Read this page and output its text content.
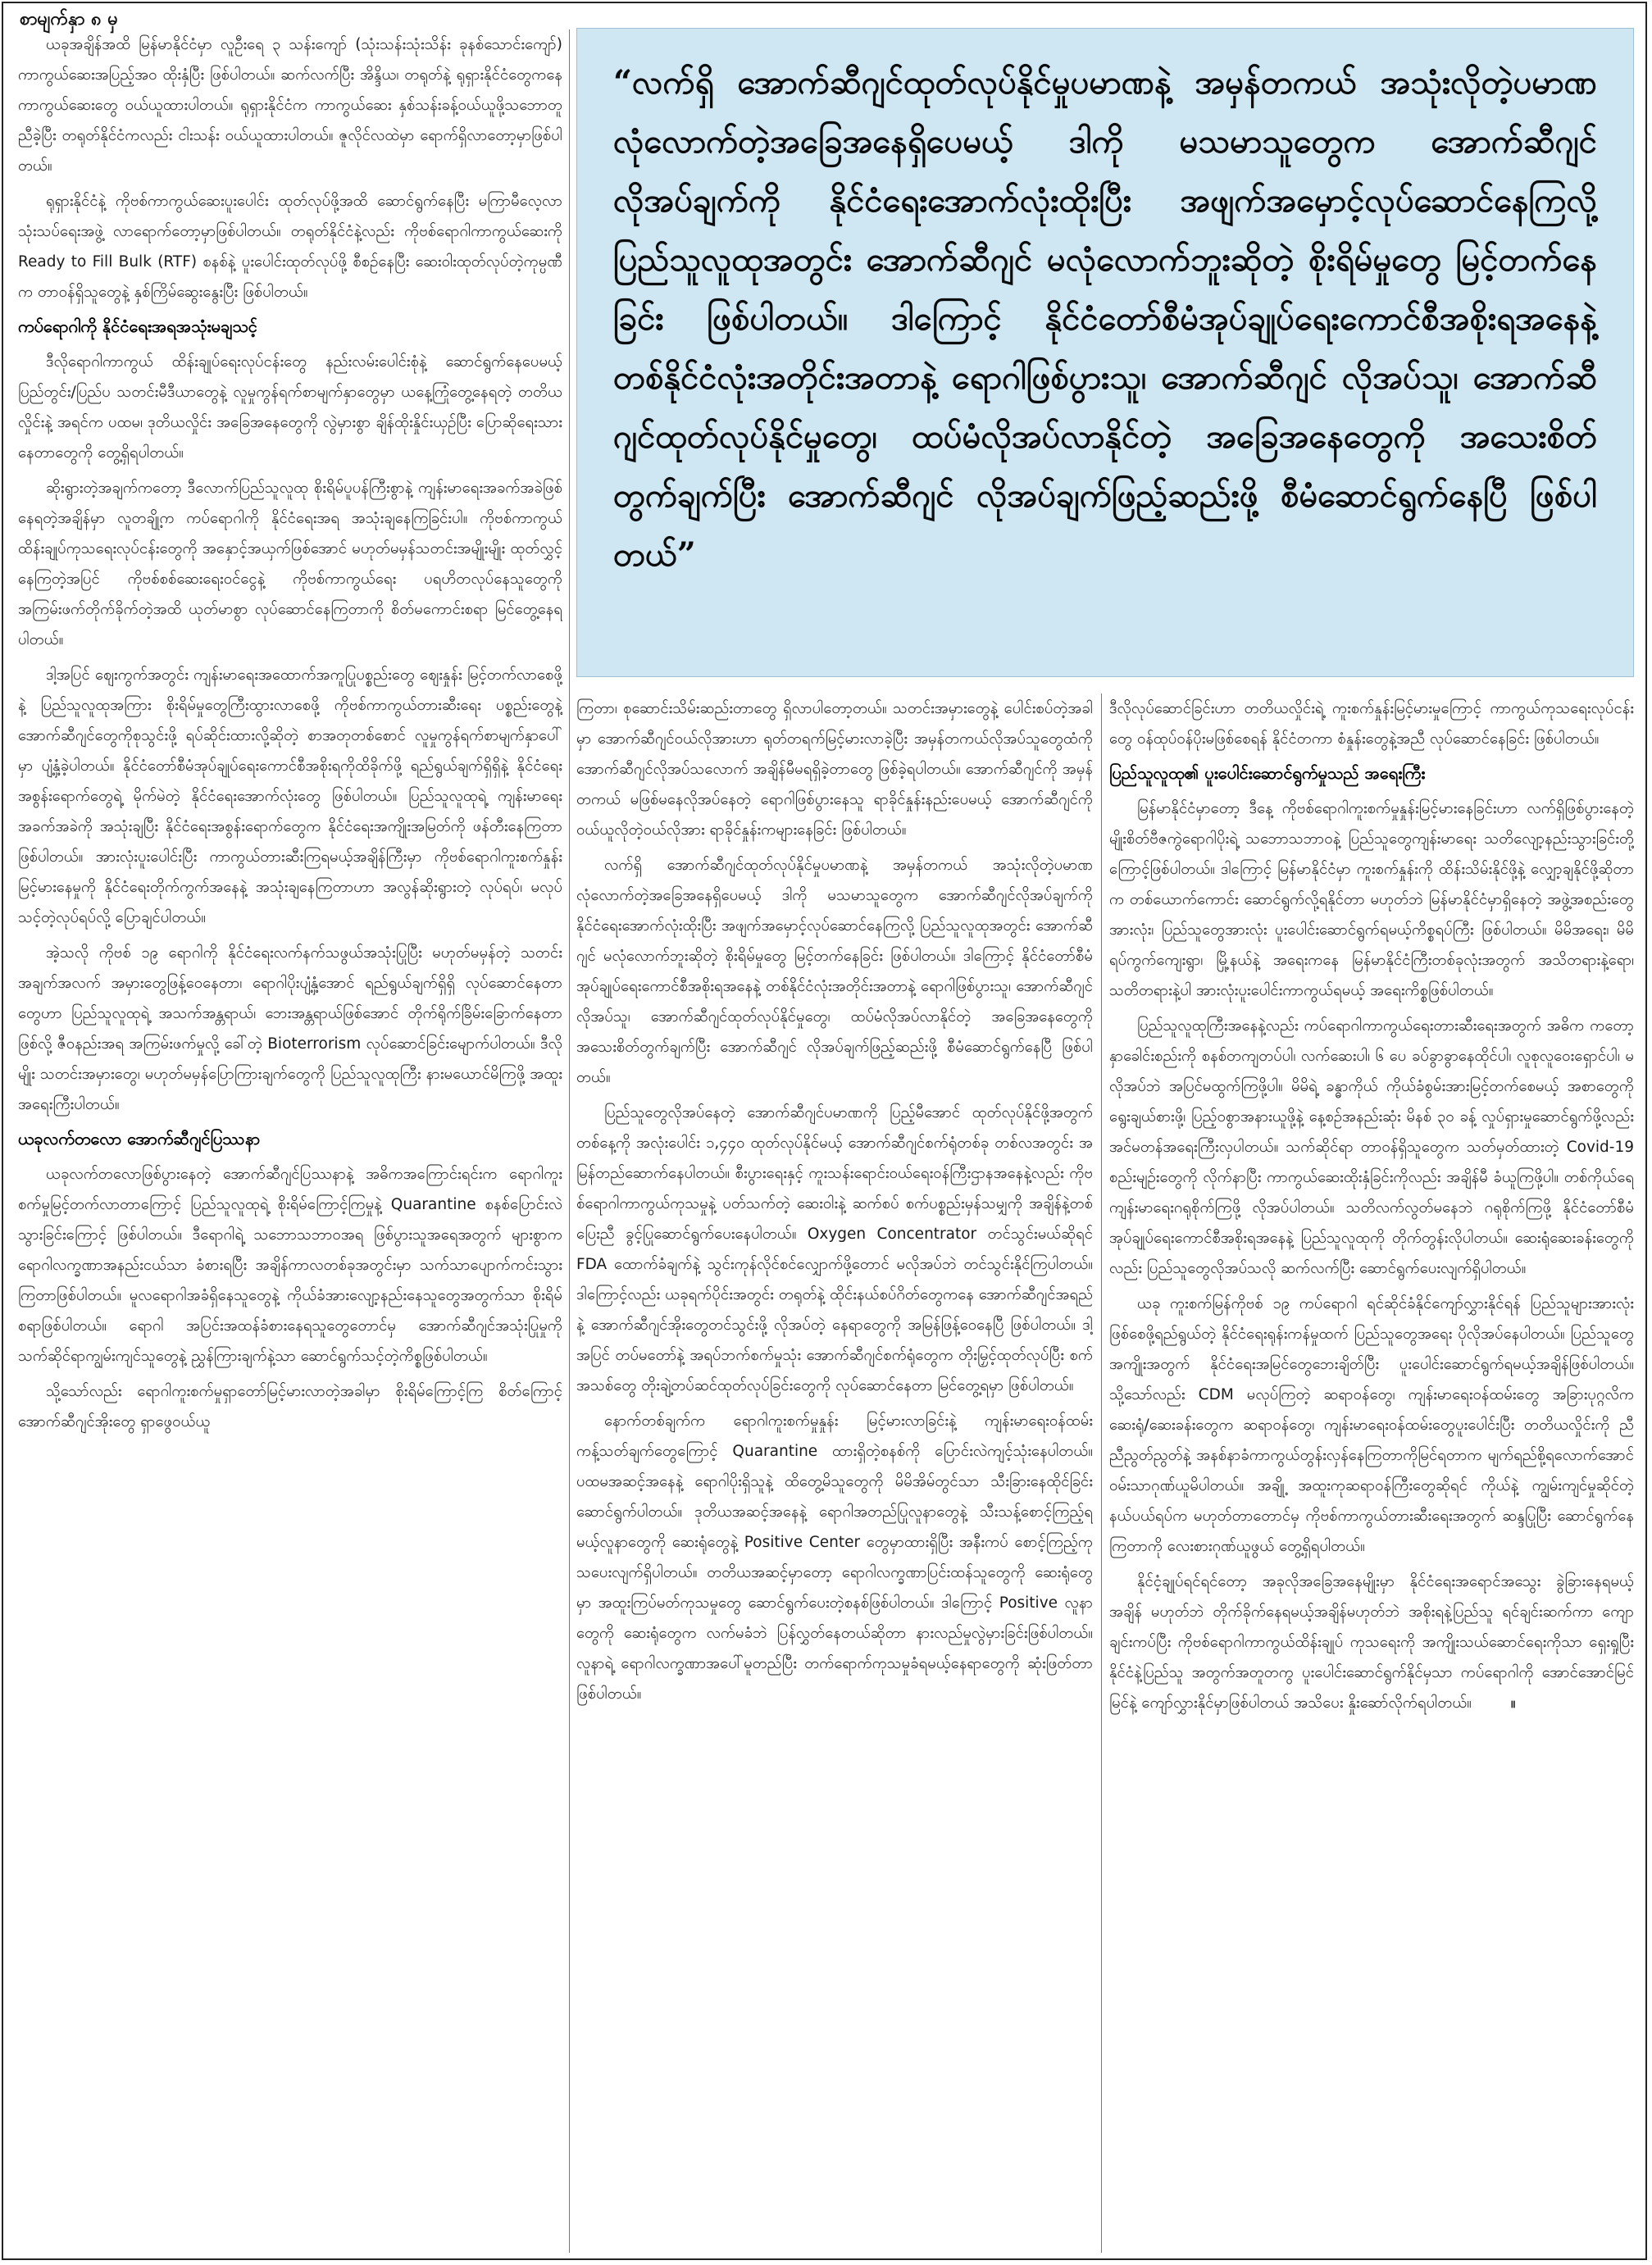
စာမျက်နှာ ၈ မှ

“လက်ရှိ အောက်ဆီဂျင်ထုတ်လုပ်နိုင်မှုပမာဏနဲ့ အမှန်တကယ် အသုံးလိုတဲ့ပမာဏ လုံလောက်တဲ့အခြေအနေရှိပေမယ့် ဒါကို မသမာသူတွေက အောက်ဆီဂျင်လိုအပ်ချက်ကို နိုင်ငံရေးအောက်လုံးထိုးပြီး အဖျက်အမှောင့်လုပ်ဆောင်နေကြလို့ ပြည်သူလူထုအတွင်း အောက်ဆီဂျင် မလုံလောက်ဘူးဆိုတဲ့ စိုးရိမ်မှုတွေ မြင့်တက်နေခြင်း ဖြစ်ပါတယ်။ ဒါကြောင့် နိုင်ငံတော်စီမံအုပ်ချုပ်ရေးကောင်စီအစိုးရအနေနဲ့ တစ်နိုင်ငံလုံးအတိုင်းအတာနဲ့ ရောဂါဖြစ်ပွားသူ၊ အောက်ဆီဂျင် လိုအပ်သူ၊ အောက်ဆီဂျင်ထုတ်လုပ်နိုင်မှုတွေ၊ ထပ်မံလိုအပ်လာနိုင်တဲ့ အခြေအနေတွေကို အသေးစိတ်တွက်ချက်ပြီး အောက်ဆီဂျင် လိုအပ်ချက်ဖြည့်ဆည်းဖို့ စီမံဆောင်ရွက်နေပြီ ဖြစ်ပါတယ်”

ယခုအချိန်အထိ မြန်မာနိုင်ငံမှာ လူဦးရေ ၃ သန်းကျော် (သုံးသန်းသုံးသိန်း ခုနစ်သောင်းကျော်) ကာကွယ်ဆေးအပြည့်အဝ ထိုးနှံပြီး ဖြစ်ပါတယ်။ ဆက်လက်ပြီး အိန္ဒိယ၊ တရုတ်နဲ့ ရုရှားနိုင်ငံတွေကနေ ကာကွယ်ဆေးတွေ ဝယ်ယူထားပါတယ်။ ရုရှားနိုင်ငံက ကာကွယ်ဆေး နှစ်သန်းခန့်ဝယ်ယူဖို့သဘောတူညီခဲ့ပြီး တရုတ်နိုင်ငံကလည်း ငါးသန်း ဝယ်ယူထားပါတယ်။ ဇူလိုင်လထဲမှာ ရောက်ရှိလာတော့မှာဖြစ်ပါတယ်။

ရုရှားနိုင်ငံနဲ့ ကိုဗစ်ကာကွယ်ဆေးပူးပေါင်း ထုတ်လုပ်ဖို့အထိ ဆောင်ရွက်နေပြီး မကြာမီလေ့လာသုံးသပ်ရေးအဖွဲ့ လာရောက်တော့မှာဖြစ်ပါတယ်။ တရုတ်နိုင်ငံနဲ့လည်း ကိုဗစ်ရောဂါကာကွယ်ဆေးကို Ready to Fill Bulk (RTF) စနစ်နဲ့ ပူးပေါင်းထုတ်လုပ်ဖို့ စီစဉ်နေပြီး ဆေးဝါးထုတ်လုပ်တဲ့ကုမ္ပဏီက တာဝန်ရှိသူတွေနဲ့ နှစ်ကြိမ်ဆွေးနွေးပြီး ဖြစ်ပါတယ်။

ကပ်ရောဂါကို နိုင်ငံရေးအရအသုံးမချသင့်

ဒီလိုရောဂါကာကွယ် ထိန်းချုပ်ရေးလုပ်ငန်းတွေ နည်းလမ်းပေါင်းစုံနဲ့ ဆောင်ရွက်နေပေမယ့် ပြည်တွင်း/ပြည်ပ သတင်းမီဒီယာတွေနဲ့ လူမှုကွန်ရက်စာမျက်နှာတွေမှာ ယနေ့ကြုံတွေ့နေရတဲ့ တတိယလှိုင်းနဲ့ အရင်က ပထမ၊ ဒုတိယလှိုင်း အခြေအနေတွေကို လွဲမှားစွာ ချိန်ထိုးနှိုင်းယှဉ်ပြီး ပြောဆိုရေးသားနေတာတွေကို တွေ့ရှိရပါတယ်။

ဆိုးရွားတဲ့အချက်ကတော့ ဒီလောက်ပြည်သူလူထု စိုးရိမ်ပူပန်ကြီးစွာနဲ့ ကျန်းမာရေးအခက်အခဲဖြစ်နေရတဲ့အချိန်မှာ လူတချို့က ကပ်ရောဂါကို နိုင်ငံရေးအရ အသုံးချနေကြခြင်းပါ။ ကိုဗစ်ကာကွယ်ထိန်းချုပ်ကုသရေးလုပ်ငန်းတွေကို အနှောင့်အယှက်ဖြစ်အောင် မဟုတ်မမှန်သတင်းအမျိုးမျိုး ထုတ်လွှင့်နေကြတဲ့အပြင် ကိုဗစ်စစ်ဆေးရေးဝင်ငွေနဲ့ ကိုဗစ်ကာကွယ်ရေး ပရဟိတလုပ်နေသူတွေကို အကြမ်းဖက်တိုက်ခိုက်တဲ့အထိ ယုတ်မာစွာ လုပ်ဆောင်နေကြတာကို စိတ်မကောင်းစရာ မြင်တွေ့နေရပါတယ်။

ဒါ့အပြင် ဈေးကွက်အတွင်း ကျန်းမာရေးအထောက်အကူပြုပစ္စည်းတွေ ဈေးနှုန်း မြင့်တက်လာစေဖို့နဲ့ ပြည်သူလူထုအကြား စိုးရိမ်မှုတွေကြီးထွားလာစေဖို့ ကိုဗစ်ကာကွယ်တားဆီးရေး ပစ္စည်းတွေနဲ့ အောက်ဆီဂျင်တွေကိုစုသွင်းဖို့ ရပ်ဆိုင်းထားလို့ဆိုတဲ့ စာအတုတစ်စောင် လူမှုကွန်ရက်စာမျက်နှာပေါ်မှာ ပျံ့နှံ့ခဲ့ပါတယ်။ နိုင်ငံတော်စီမံအုပ်ချုပ်ရေးကောင်စီအစိုးရကိုထိခိုက်ဖို့ ရည်ရွယ်ချက်ရှိရှိနဲ့ နိုင်ငံရေးအစွန်းရောက်တွေရဲ့ မိုက်မဲတဲ့ နိုင်ငံရေးအောက်လုံးတွေ ဖြစ်ပါတယ်။ ပြည်သူလူထုရဲ့ ကျန်းမာရေးအခက်အခဲကို အသုံးချပြီး နိုင်ငံရေးအစွန်းရောက်တွေက နိုင်ငံရေးအကျိုးအမြတ်ကို ဖန်တီးနေကြတာ ဖြစ်ပါတယ်။ အားလုံးပူးပေါင်းပြီး ကာကွယ်တားဆီးကြရမယ့်အချိန်ကြီးမှာ ကိုဗစ်ရောဂါကူးစက်နှုန်း မြင့်မားနေမှုကို နိုင်ငံရေးတိုက်ကွက်အနေနဲ့ အသုံးချနေကြတာဟာ အလွန်ဆိုးရွားတဲ့ လုပ်ရပ်၊ မလုပ်သင့်တဲ့လုပ်ရပ်လို့ ပြောချင်ပါတယ်။

အဲ့သလို ကိုဗစ် ၁၉ ရောဂါကို နိုင်ငံရေးလက်နက်သဖွယ်အသုံးပြုပြီး မဟုတ်မမှန်တဲ့ သတင်းအချက်အလက် အမှားတွေဖြန့်ဝေနေတာ၊ ရောဂါပိုးပျံ့နှံ့အောင် ရည်ရွယ်ချက်ရှိရှိ လုပ်ဆောင်နေတာတွေဟာ ပြည်သူလူထုရဲ့ အသက်အန္တရာယ်၊ ဘေးအန္တရာယ်ဖြစ်အောင် တိုက်ရိုက်ခြိမ်းခြောက်နေတာဖြစ်လို့ ဇီဝနည်းအရ အကြမ်းဖက်မှုလို့ ခေါ်တဲ့ Bioterrorism လုပ်ဆောင်ခြင်းမျောက်ပါတယ်။ ဒီလိုမျိုး သတင်းအမှားတွေ၊ မဟုတ်မမှန်ပြောကြားချက်တွေကို ပြည်သူလူထုကြီး နားမယောင်မိကြဖို့ အထူးအရေးကြီးပါတယ်။

ယခုလက်တလော အောက်ဆီဂျင်ပြဿနာ

ယခုလက်တလောဖြစ်ပွားနေတဲ့ အောက်ဆီဂျင်ပြဿနာနဲ့ အဓိကအကြောင်းရင်းက ရောဂါကူးစက်မှုမြင့်တက်လာတာကြောင့် ပြည်သူလူထုရဲ့ စိုးရိမ်ကြောင့်ကြမှုနဲ့ Quarantine စနစ်ပြောင်းလဲသွားခြင်းကြောင့် ဖြစ်ပါတယ်။ ဒီရောဂါရဲ့ သဘောသဘာဝအရ ဖြစ်ပွားသူအရေအတွက် များစွာက ရောဂါလက္ခဏာအနည်းငယ်သာ ခံစားရပြီး အချိန်ကာလတစ်ခုအတွင်းမှာ သက်သာပျောက်ကင်းသွားကြတာဖြစ်ပါတယ်။ မူလရောဂါအခံရှိနေသူတွေနဲ့ ကိုယ်ခံအားလျော့နည်းနေသူတွေအတွက်သာ စိုးရိမ်စရာဖြစ်ပါတယ်။ ရောဂါ အပြင်းအထန်ခံစားနေရသူတွေတောင်မှ အောက်ဆီဂျင်အသုံးပြုမှုကို သက်ဆိုင်ရာကျွမ်းကျင်သူတွေနဲ့ ညွှန်ကြားချက်နဲ့သာ ဆောင်ရွက်သင့်တဲ့ကိစ္စဖြစ်ပါတယ်။

သို့သော်လည်း ရောဂါကူးစက်မှုရှာတော်မြင့်မားလာတဲ့အခါမှာ စိုးရိမ်ကြောင့်ကြ စိတ်ကြောင့် အောက်ဆီဂျင်အိုးတွေ ရှာဖွေဝယ်ယူ

ကြတာ၊ စုဆောင်းသိမ်းဆည်းတာတွေ ရှိလာပါတော့တယ်။ သတင်းအမှားတွေနဲ့ ပေါင်းစပ်တဲ့အခါမှာ အောက်ဆီဂျင်ဝယ်လိုအားဟာ ရုတ်တရက်မြင့်မားလာခဲ့ပြီး အမှန်တကယ်လိုအပ်သူတွေထံကို အောက်ဆီဂျင်လိုအပ်သလောက် အချိန်မီမရရှိခဲ့တာတွေ ဖြစ်ခဲ့ရပါတယ်။ အောက်ဆီဂျင်ကို အမှန်တကယ် မဖြစ်မနေလိုအပ်နေတဲ့ ရောဂါဖြစ်ပွားနေသူ ရာခိုင်နှုန်းနည်းပေမယ့် အောက်ဆီဂျင်ကို ဝယ်ယူလိုတဲ့ဝယ်လိုအား ရာခိုင်နှုန်းကများနေခြင်း ဖြစ်ပါတယ်။

လက်ရှိ အောက်ဆီဂျင်ထုတ်လုပ်နိုင်မှုပမာဏနဲ့ အမှန်တကယ် အသုံးလိုတဲ့ပမာဏ လုံလောက်တဲ့အခြေအနေရှိပေမယ့် ဒါကို မသမာသူတွေက အောက်ဆီဂျင်လိုအပ်ချက်ကို နိုင်ငံရေးအောက်လုံးထိုးပြီး အဖျက်အမှောင့်လုပ်ဆောင်နေကြလို့ ပြည်သူလူထုအတွင်း အောက်ဆီဂျင် မလုံလောက်ဘူးဆိုတဲ့ စိုးရိမ်မှုတွေ မြင့်တက်နေခြင်း ဖြစ်ပါတယ်။ ဒါကြောင့် နိုင်ငံတော်စီမံအုပ်ချုပ်ရေးကောင်စီအစိုးရအနေနဲ့ တစ်နိုင်ငံလုံးအတိုင်းအတာနဲ့ ရောဂါဖြစ်ပွားသူ၊ အောက်ဆီဂျင်လိုအပ်သူ၊ အောက်ဆီဂျင်ထုတ်လုပ်နိုင်မှုတွေ၊ ထပ်မံလိုအပ်လာနိုင်တဲ့ အခြေအနေတွေကို အသေးစိတ်တွက်ချက်ပြီး အောက်ဆီဂျင် လိုအပ်ချက်ဖြည့်ဆည်းဖို့ စီမံဆောင်ရွက်နေပြီ ဖြစ်ပါတယ်။

ပြည်သူတွေလိုအပ်နေတဲ့ အောက်ဆီဂျင်ပမာဏကို ပြည့်မီအောင် ထုတ်လုပ်နိုင်ဖို့အတွက် တစ်နေ့ကို အလုံးပေါင်း ၁,၄၄၀ ထုတ်လုပ်နိုင်မယ့် အောက်ဆီဂျင်စက်ရုံတစ်ခု တစ်လအတွင်း အမြန်တည်ဆောက်နေပါတယ်။ စီးပွားရေးနှင့် ကူးသန်းရောင်းဝယ်ရေးဝန်ကြီးဌာနအနေနဲ့လည်း ကိုဗစ်ရောဂါကာကွယ်ကုသမှုနဲ့ ပတ်သက်တဲ့ ဆေးဝါးနဲ့ ဆက်စပ် စက်ပစ္စည်းမှန်သမျှကို အချိန်နဲ့တစ်ပြေးညီ ခွင့်ပြုဆောင်ရွက်ပေးနေပါတယ်။ Oxygen Concentrator တင်သွင်းမယ်ဆိုရင် FDA ထောက်ခံချက်နဲ့ သွင်းကုန်လိုင်စင်လျှောက်ဖို့တောင် မလိုအပ်ဘဲ တင်သွင်းနိုင်ကြပါတယ်။ ဒါကြောင့်လည်း ယခုရက်ပိုင်းအတွင်း တရုတ်နဲ့ ထိုင်းနယ်စပ်ဂိတ်တွေကနေ အောက်ဆီဂျင်အရည်နဲ့ အောက်ဆီဂျင်အိုးတွေတင်သွင်းဖို့ လိုအပ်တဲ့ နေရာတွေကို အမြန်ဖြန့်ဝေနေပြီ ဖြစ်ပါတယ်။ ဒါ့အပြင် တပ်မတော်နဲ့ အရပ်ဘက်စက်မှုသုံး အောက်ဆီဂျင်စက်ရုံတွေက တိုးမြှင့်ထုတ်လုပ်ပြီး စက်အသစ်တွေ တိုးချဲ့တပ်ဆင်ထုတ်လုပ်ခြင်းတွေကို လုပ်ဆောင်နေတာ မြင်တွေ့ရမှာ ဖြစ်ပါတယ်။

နောက်တစ်ချက်က ရောဂါကူးစက်မှုနှုန်း မြင့်မားလာခြင်းနဲ့ ကျန်းမာရေးဝန်ထမ်း ကန့်သတ်ချက်တွေကြောင့် Quarantine ထားရှိတဲ့စနစ်ကို ပြောင်းလဲကျင့်သုံးနေပါတယ်။ ပထမအဆင့်အနေနဲ့ ရောဂါပိုးရှိသူနဲ့ ထိတွေ့မိသူတွေကို မိမိအိမ်တွင်သာ သီးခြားနေထိုင်ခြင်း ဆောင်ရွက်ပါတယ်။ ဒုတိယအဆင့်အနေနဲ့ ရောဂါအတည်ပြုလူနာတွေနဲ့ သီးသန့်စောင့်ကြည့်ရမယ့်လူနာတွေကို ဆေးရုံတွေနဲ့ Positive Center တွေမှာထားရှိပြီး အနီးကပ် စောင့်ကြည့်ကုသပေးလျက်ရှိပါတယ်။ တတိယအဆင့်မှာတော့ ရောဂါလက္ခဏာပြင်းထန်သူတွေကို ဆေးရုံတွေမှာ အထူးကြပ်မတ်ကုသမှုတွေ ဆောင်ရွက်ပေးတဲ့စနစ်ဖြစ်ပါတယ်။ ဒါကြောင့် Positive လူနာတွေကို ဆေးရုံတွေက လက်မခံဘဲ ပြန်လွှတ်နေတယ်ဆိုတာ နားလည်မှုလွဲမှားခြင်းဖြစ်ပါတယ်။ လူနာရဲ့ ရောဂါလက္ခဏာအပေါ်မူတည်ပြီး တက်ရောက်ကုသမှုခံရမယ့်နေရာတွေကို ဆုံးဖြတ်တာ ဖြစ်ပါတယ်။

ဒီလိုလုပ်ဆောင်ခြင်းဟာ တတိယလှိုင်းရဲ့ ကူးစက်နှုန်းမြင့်မားမှုကြောင့် ကာကွယ်ကုသရေးလုပ်ငန်းတွေ ဝန်ထုပ်ဝန်ပိုးမဖြစ်စေရန် နိုင်ငံတကာ စံနှုန်းတွေနဲ့အညီ လုပ်ဆောင်နေခြင်း ဖြစ်ပါတယ်။

ပြည်သူလူထု၏ ပူးပေါင်းဆောင်ရွက်မှုသည် အရေးကြီး

မြန်မာနိုင်ငံမှာတော့ ဒီနေ့ ကိုဗစ်ရောဂါကူးစက်မှုနှုန်းမြင့်မားနေခြင်းဟာ လက်ရှိဖြစ်ပွားနေတဲ့ မျိုးစိတ်ဗီဇကွဲရောဂါပိုးရဲ့ သဘောသဘာဝနဲ့ ပြည်သူတွေကျန်းမာရေး သတိလျော့နည်းသွားခြင်းတို့ကြောင့်ဖြစ်ပါတယ်။ ဒါကြောင့် မြန်မာနိုင်ငံမှာ ကူးစက်နှုန်းကို ထိန်းသိမ်းနိုင်ဖို့နဲ့ လျှော့ချနိုင်ဖို့ဆိုတာက တစ်ယောက်ကောင်း ဆောင်ရွက်လို့ရနိုင်တာ မဟုတ်ဘဲ မြန်မာနိုင်ငံမှာရှိနေတဲ့ အဖွဲ့အစည်းတွေအားလုံး၊ ပြည်သူတွေအားလုံး ပူးပေါင်းဆောင်ရွက်ရမယ့်ကိစ္စရပ်ကြီး ဖြစ်ပါတယ်။ မိမိအရေး၊ မိမိရပ်ကွက်ကျေးရွာ၊ မြို့နယ်နဲ့ အရေးကနေ မြန်မာနိုင်ငံကြီးတစ်ခုလုံးအတွက် အသိတရားနဲ့ရော၊ သတိတရားနဲ့ပါ အားလုံးပူးပေါင်းကာကွယ်ရမယ့် အရေးကိစ္စဖြစ်ပါတယ်။

ပြည်သူလူထုကြီးအနေနဲ့လည်း ကပ်ရောဂါကာကွယ်ရေးတားဆီးရေးအတွက် အဓိက ကတော့ နှာခေါင်းစည်းကို စနစ်တကျတပ်ပါ၊ လက်ဆေးပါ၊ ၆ ပေ ခပ်ခွာခွာနေထိုင်ပါ၊ လူစုလူဝေးရှောင်ပါ၊ မလိုအပ်ဘဲ အပြင်မထွက်ကြဖို့ပါ။ မိမိရဲ့ ခန္ဓာကိုယ် ကိုယ်ခံစွမ်းအားမြင့်တက်စေမယ့် အစာတွေကို ရွေးချယ်စားဖို့၊ ပြည့်ဝစွာအနားယူဖို့နဲ့ နေ့စဉ်အနည်းဆုံး မိနစ် ၃၀ ခန့် လှုပ်ရှားမှုဆောင်ရွက်ဖို့လည်း အင်မတန်အရေးကြီးလှပါတယ်။ သက်ဆိုင်ရာ တာဝန်ရှိသူတွေက သတ်မှတ်ထားတဲ့ Covid-19 စည်းမျဉ်းတွေကို လိုက်နာပြီး ကာကွယ်ဆေးထိုးနှံခြင်းကိုလည်း အချိန်မီ ခံယူကြဖို့ပါ။ တစ်ကိုယ်ရေကျန်းမာရေးဂရုစိုက်ကြဖို့ လိုအပ်ပါတယ်။ သတိလက်လွတ်မနေဘဲ ဂရုစိုက်ကြဖို့ နိုင်ငံတော်စီမံအုပ်ချုပ်ရေးကောင်စီအစိုးရအနေနဲ့ ပြည်သူလူထုကို တိုက်တွန်းလိုပါတယ်။ ဆေးရုံဆေးခန်းတွေကိုလည်း ပြည်သူတွေလိုအပ်သလို ဆက်လက်ပြီး ဆောင်ရွက်ပေးလျက်ရှိပါတယ်။

ယခု ကူးစက်မြန်ကိုဗစ် ၁၉ ကပ်ရောဂါ ရင်ဆိုင်ခံနိုင်ကျော်လွှားနိုင်ရန် ပြည်သူများအားလုံး ဖြစ်စေဖို့ရည်ရွယ်တဲ့ နိုင်ငံရေးရုန်းကန်မှုထက် ပြည်သူတွေအရေး ပိုလိုအပ်နေပါတယ်။ ပြည်သူတွေအကျိုးအတွက် နိုင်ငံရေးအမြင်တွေဘေးချိတ်ပြီး ပူးပေါင်းဆောင်ရွက်ရမယ့်အချိန်ဖြစ်ပါတယ်။ သို့သော်လည်း CDM မလုပ်ကြတဲ့ ဆရာဝန်တွေ၊ ကျန်းမာရေးဝန်ထမ်းတွေ အခြားပုဂ္ဂလိက ဆေးရုံ/ဆေးခန်းတွေက ဆရာဝန်တွေ၊ ကျန်းမာရေးဝန်ထမ်းတွေပူးပေါင်းပြီး တတိယလှိုင်းကို ညီညီညွတ်ညွတ်နဲ့ အနစ်နာခံကာကွယ်တွန်းလှန်နေကြတာကိုမြင်ရတာက မျက်ရည်စို့ရလောက်အောင် ဝမ်းသာဂုဏ်ယူမိပါတယ်။ အချို့ အထူးကုဆရာဝန်ကြီးတွေဆိုရင် ကိုယ်နဲ့ ကျွမ်းကျင်မှုဆိုင်တဲ့ နယ်ပယ်ရပ်က မဟုတ်တာတောင်မှ ကိုဗစ်ကာကွယ်တားဆီးရေးအတွက် ဆန္ဒပြုပြီး ဆောင်ရွက်နေကြတာကို လေးစားဂုဏ်ယူဖွယ် တွေ့ရှိရပါတယ်။

နိုင်ငံ့ချုပ်ရင်ရင်တော့ အခုလိုအခြေအနေမျိုးမှာ နိုင်ငံရေးအရောင်အသွေး ခွဲခြားနေရမယ့်အချိန် မဟုတ်ဘဲ တိုက်ခိုက်နေရမယ့်အချိန်မဟုတ်ဘဲ အစိုးရနဲ့ပြည်သူ ရင်ချင်းဆက်ကာ ကျောချင်းကပ်ပြီး ကိုဗစ်ရောဂါကာကွယ်ထိန်းချုပ် ကုသရေးကို အကျိုးသယ်ဆောင်ရေးကိုသာ ရှေးရှုပြီး နိုင်ငံနဲ့ပြည်သူ အတွက်အတူတကွ ပူးပေါင်းဆောင်ရွက်နိုင်မှသာ ကပ်ရောဂါကို အောင်အောင်မြင်မြင်နဲ့ ကျော်လွှားနိုင်မှာဖြစ်ပါတယ် အသိပေး နှိုးဆော်လိုက်ရပါတယ်။	။
